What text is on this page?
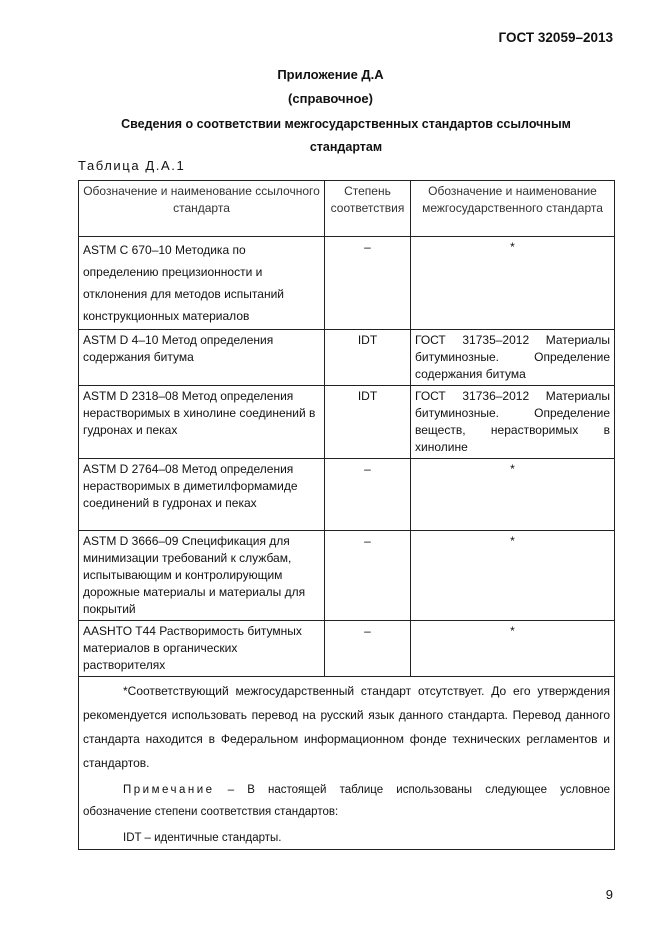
ГОСТ 32059–2013
Приложение Д.А
(справочное)
Сведения о соответствии межгосударственных стандартов ссылочным стандартам
Таблица Д.А.1
Обозначение и наименование ссылочного стандарта	Степень соответствия	Обозначение и наименование межгосударственного стандарта
ASTM C 670–10 Методика по определению прецизионности и отклонения для методов испытаний конструкционных материалов	–	*
ASTM D 4–10 Метод определения содержания битума	IDT	ГОСТ 31735–2012 Материалы битуминозные. Определение содержания битума
ASTM D 2318–08 Метод определения нерастворимых в хинолине соединений в гудронах и пеках	IDT	ГОСТ 31736–2012 Материалы битуминозные. Определение веществ, нерастворимых в хинолине
ASTM D 2764–08 Метод определения нерастворимых в диметилформамиде соединений в гудронах и пеках	–	*
ASTM D 3666–09 Спецификация для минимизации требований к службам, испытывающим и контролирующим дорожные материалы и материалы для покрытий	–	*
AASHTO T44 Растворимость битумных материалов в органических растворителях	–	*

*Соответствующий межгосударственный стандарт отсутствует. До его утверждения рекомендуется использовать перевод на русский язык данного стандарта. Перевод данного стандарта находится в Федеральном информационном фонде технических регламентов и стандартов.

Примечание – В настоящей таблице использованы следующее условное обозначение степени соответствия стандартов:

IDT – идентичные стандарты.		

9
